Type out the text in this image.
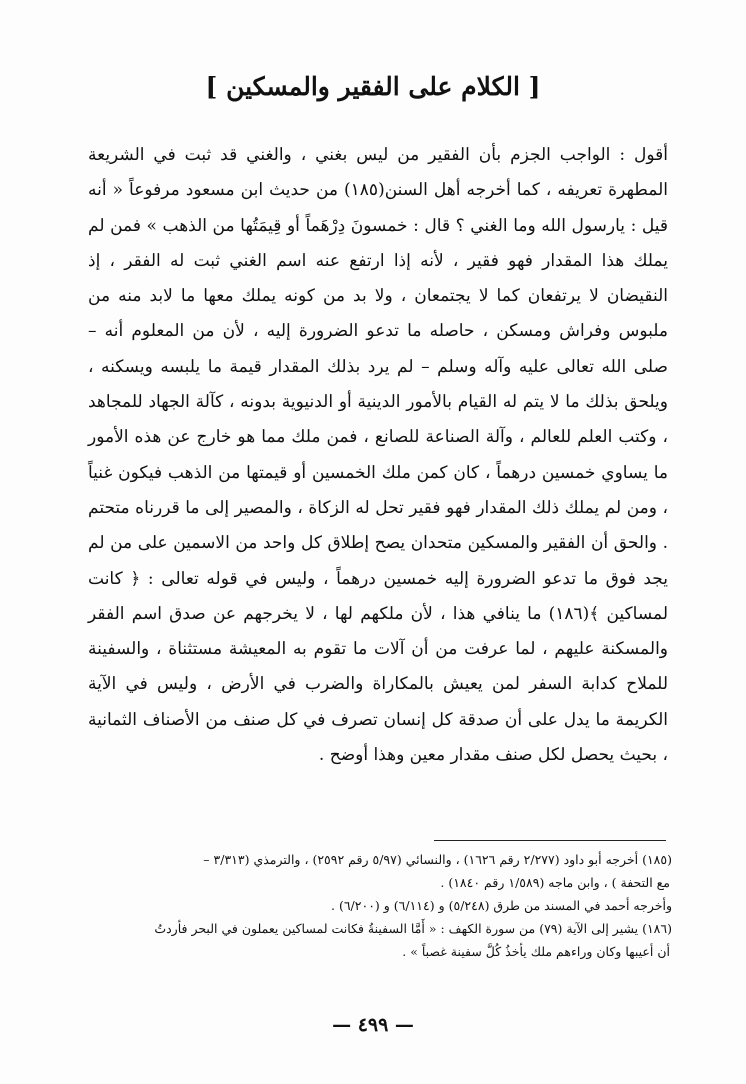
[ الكلام على الفقير والمسكين ]

أقول : الواجب الجزم بأن الفقير من ليس بغني ، والغني قد ثبت في الشريعة المطهرة تعريفه ، كما أخرجه أهل السنن(١٨٥) من حديث ابن مسعود مرفوعاً « أنه قيل : يارسول الله وما الغني ؟ قال : خمسونَ دِرْهَماً أو قِيمَتُها من الذهب » فمن لم يملك هذا المقدار فهو فقير ، لأنه إذا ارتفع عنه اسم الغني ثبت له الفقر ، إذ النقيضان لا يرتفعان كما لا يجتمعان ، ولا بد من كونه يملك معها ما لابد منه من ملبوس وفراش ومسكن ، حاصله ما تدعو الضرورة إليه ، لأن من المعلوم أنه – صلى الله تعالى عليه وآله وسلم – لم يرد بذلك المقدار قيمة ما يلبسه ويسكنه ، ويلحق بذلك ما لا يتم له القيام بالأمور الدينية أو الدنيوية بدونه ، كآلة الجهاد للمجاهد ، وكتب العلم للعالم ، وآلة الصناعة للصانع ، فمن ملك مما هو خارج عن هذه الأمور ما يساوي خمسين درهماً ، كان كمن ملك الخمسين أو قيمتها من الذهب فيكون غنياً ، ومن لم يملك ذلك المقدار فهو فقير تحل له الزكاة ، والمصير إلى ما قررناه متحتم . والحق أن الفقير والمسكين متحدان يصح إطلاق كل واحد من الاسمين على من لم يجد فوق ما تدعو الضرورة إليه خمسين درهماً ، وليس في قوله تعالى : ﴿ كانت لمساكين ﴾(١٨٦) ما ينافي هذا ، لأن ملكهم لها ، لا يخرجهم عن صدق اسم الفقر والمسكنة عليهم ، لما عرفت من أن آلات ما تقوم به المعيشة مستثناة ، والسفينة للملاح كدابة السفر لمن يعيش بالمكاراة والضرب في الأرض ، وليس في الآية الكريمة ما يدل على أن صدقة كل إنسان تصرف في كل صنف من الأصناف الثمانية ، بحيث يحصل لكل صنف مقدار معين وهذا أوضح .

(١٨٥) أخرجه أبو داود (٢/٢٧٧ رقم ١٦٢٦) ، والنسائي (٥/٩٧ رقم ٢٥٩٢) ، والترمذي (٣/٣١٣ –

مع التحفة ) ، وابن ماجه (١/٥٨٩ رقم ١٨٤٠) .

وأخرجه أحمد في المسند من طرق (٥/٢٤٨) و (٦/١١٤) و (٦/٢٠٠) .

(١٨٦) يشير إلى الآية (٧٩) من سورة الكهف : « أَمَّا السفينةُ فكانت لمساكين يعملون في البحر فأردتُ

أن أعيبها وكان وراءهم ملك يأخذُ كُلَّ سفينة غصباً » .

— ٤٩٩ —
